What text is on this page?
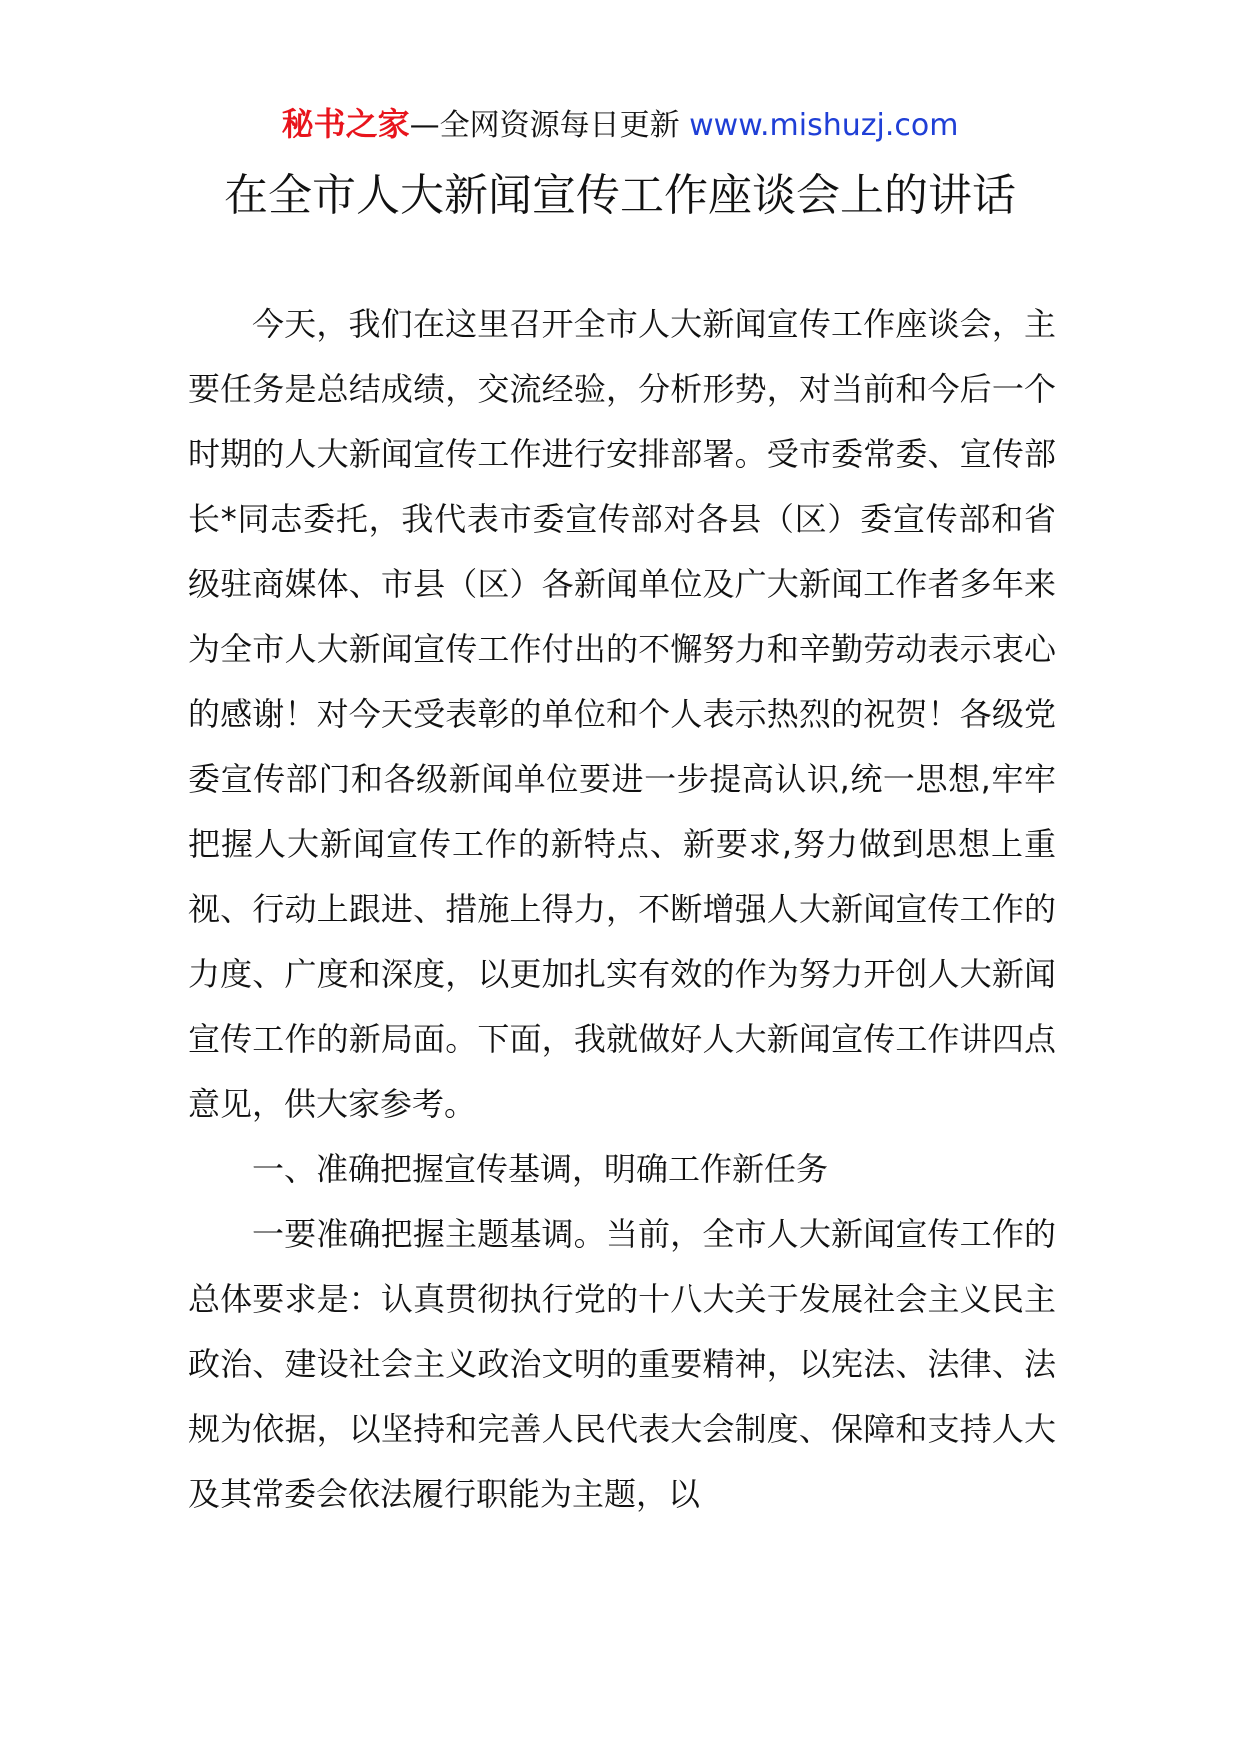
秘书之家—全网资源每日更新 www.mishuzj.com
在全市人大新闻宣传工作座谈会上的讲话

今天，我们在这里召开全市人大新闻宣传工作座谈会，主要任务是总结成绩，交流经验，分析形势，对当前和今后一个时期的人大新闻宣传工作进行安排部署。受市委常委、宣传部长*同志委托，我代表市委宣传部对各县（区）委宣传部和省级驻商媒体、市县（区）各新闻单位及广大新闻工作者多年来为全市人大新闻宣传工作付出的不懈努力和辛勤劳动表示衷心的感谢！对今天受表彰的单位和个人表示热烈的祝贺！各级党委宣传部门和各级新闻单位要进一步提高认识,统一思想,牢牢把握人大新闻宣传工作的新特点、新要求,努力做到思想上重视、行动上跟进、措施上得力，不断增强人大新闻宣传工作的力度、广度和深度，以更加扎实有效的作为努力开创人大新闻宣传工作的新局面。下面，我就做好人大新闻宣传工作讲四点意见，供大家参考。

一、准确把握宣传基调，明确工作新任务

一要准确把握主题基调。当前，全市人大新闻宣传工作的总体要求是：认真贯彻执行党的十八大关于发展社会主义民主政治、建设社会主义政治文明的重要精神，以宪法、法律、法规为依据，以坚持和完善人民代表大会制度、保障和支持人大及其常委会依法履行职能为主题，以
